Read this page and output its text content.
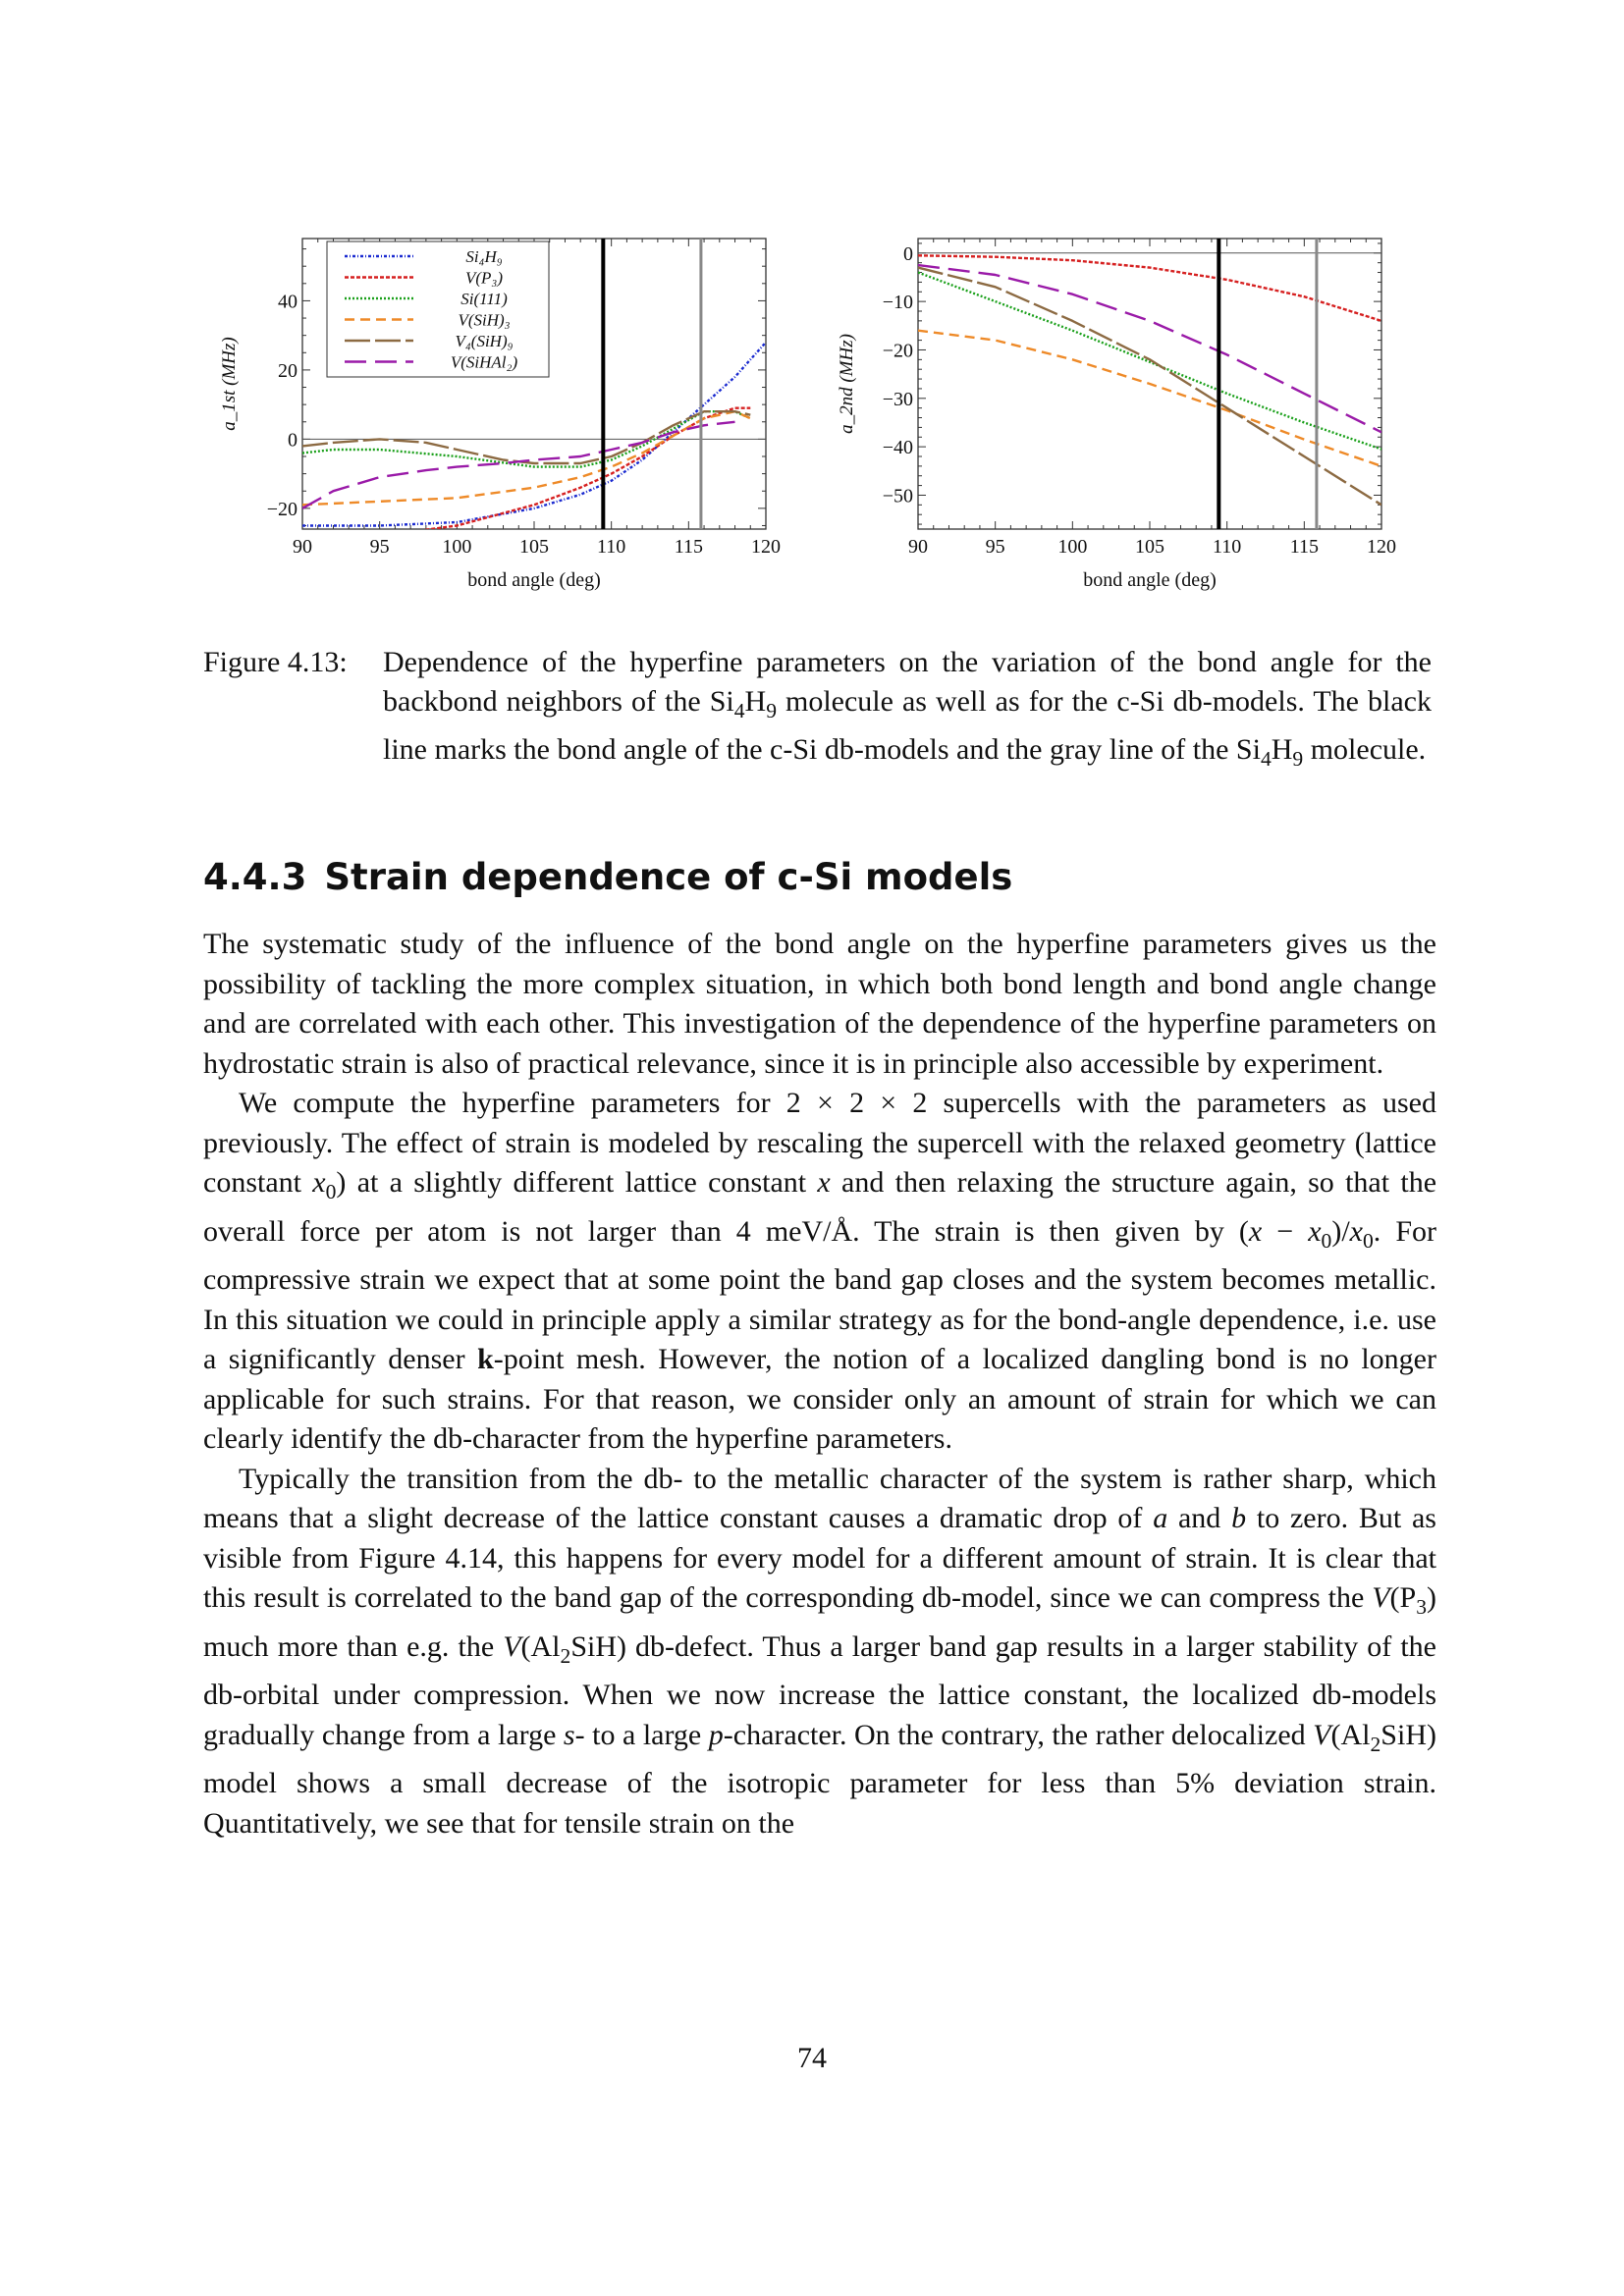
90	95	100 105 110 115 120
40
20
0
−20
bond angle (deg)
a_1st (MHz)
Si₄H₉
V(P₃)
Si(111)
V(SiH)₃
V₄(SiH)₉
V(SiHAl₂)
90	95	100 105 110 115 120
0
−10
−20
−30
−40
−50
bond angle (deg)
a_2nd (MHz)
Figure 4.13: Dependence of the hyperfine parameters on the variation of the bond angle for the backbond neighbors of the $Si_4H_9$ molecule as well as for the c-Si db-models. The black line marks the bond angle of the c-Si db-models and the gray line of the $Si_4H_9$ molecule.
4.4.3 Strain dependence of c-Si models

The systematic study of the influence of the bond angle on the hyperfine parameters gives us the possibility of tackling the more complex situation, in which both bond length and bond angle change and are correlated with each other. This investigation of the dependence of the hyperfine parameters on hydrostatic strain is also of practical relevance, since it is in principle also accessible by experiment.

We compute the hyperfine parameters for 2 × 2 × 2 supercells with the parameters as used previously. The effect of strain is modeled by rescaling the supercell with the relaxed geometry (lattice constant $x_0$) at a slightly different lattice constant x and then relaxing the structure again, so that the overall force per atom is not larger than 4 meV/Å. The strain is then given by $(x - x_0)/x_0$. For compressive strain we expect that at some point the band gap closes and the system becomes metallic. In this situation we could in principle apply a similar strategy as for the bond-angle dependence, i.e. use a significantly denser k-point mesh. However, the notion of a localized dangling bond is no longer applicable for such strains. For that reason, we consider only an amount of strain for which we can clearly identify the db-character from the hyperfine parameters.

Typically the transition from the db- to the metallic character of the system is rather sharp, which means that a slight decrease of the lattice constant causes a dramatic drop of a and b to zero. But as visible from Figure 4.14, this happens for every model for a different amount of strain. It is clear that this result is correlated to the band gap of the corresponding db-model, since we can compress the $V(P_3)$ much more than e.g. the $V(Al_2SiH)$ db-defect. Thus a larger band gap results in a larger stability of the db-orbital under compression. When we now increase the lattice constant, the localized db-models gradually change from a large s- to a large p-character. On the contrary, the rather delocalized $V(Al_2SiH)$ model shows a small decrease of the isotropic parameter for less than 5% deviation strain. Quantitatively, we see that for tensile strain on the

74
